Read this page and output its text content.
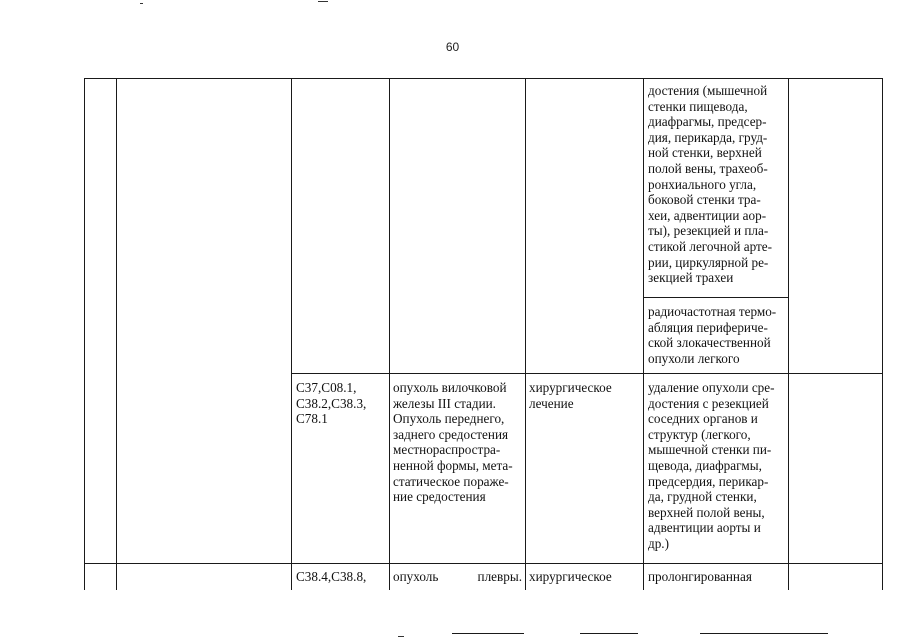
60
достения (мышечной
стенки пищевода,
диафрагмы, предсер-
дия, перикарда, груд-
ной стенки, верхней
полой вены, трахеоб-
ронхиального угла,
боковой стенки тра-
хеи, адвентиции аор-
ты), резекцией и пла-
стикой легочной арте-
рии, циркулярной ре-
зекцией трахеи
радиочастотная термо-
абляция перифериче-
ской злокачественной
опухоли легкого
C37,C08.1,
C38.2,C38.3,
C78.1
опухоль вилочковой
железы III стадии.
Опухоль переднего,
заднего средостения
местнораспростра-
ненной формы, мета-
статическое пораже-
ние средостения
хирургическое
лечение
удаление опухоли сре-
достения с резекцией
соседних органов и
структур (легкого,
мышечной стенки пи-
щевода, диафрагмы,
предсердия, перикар-
да, грудной стенки,
верхней полой вены,
адвентиции аорты и
др.)
C38.4,C38.8,	опухоль плевры. хирургическое	пролонгированная
